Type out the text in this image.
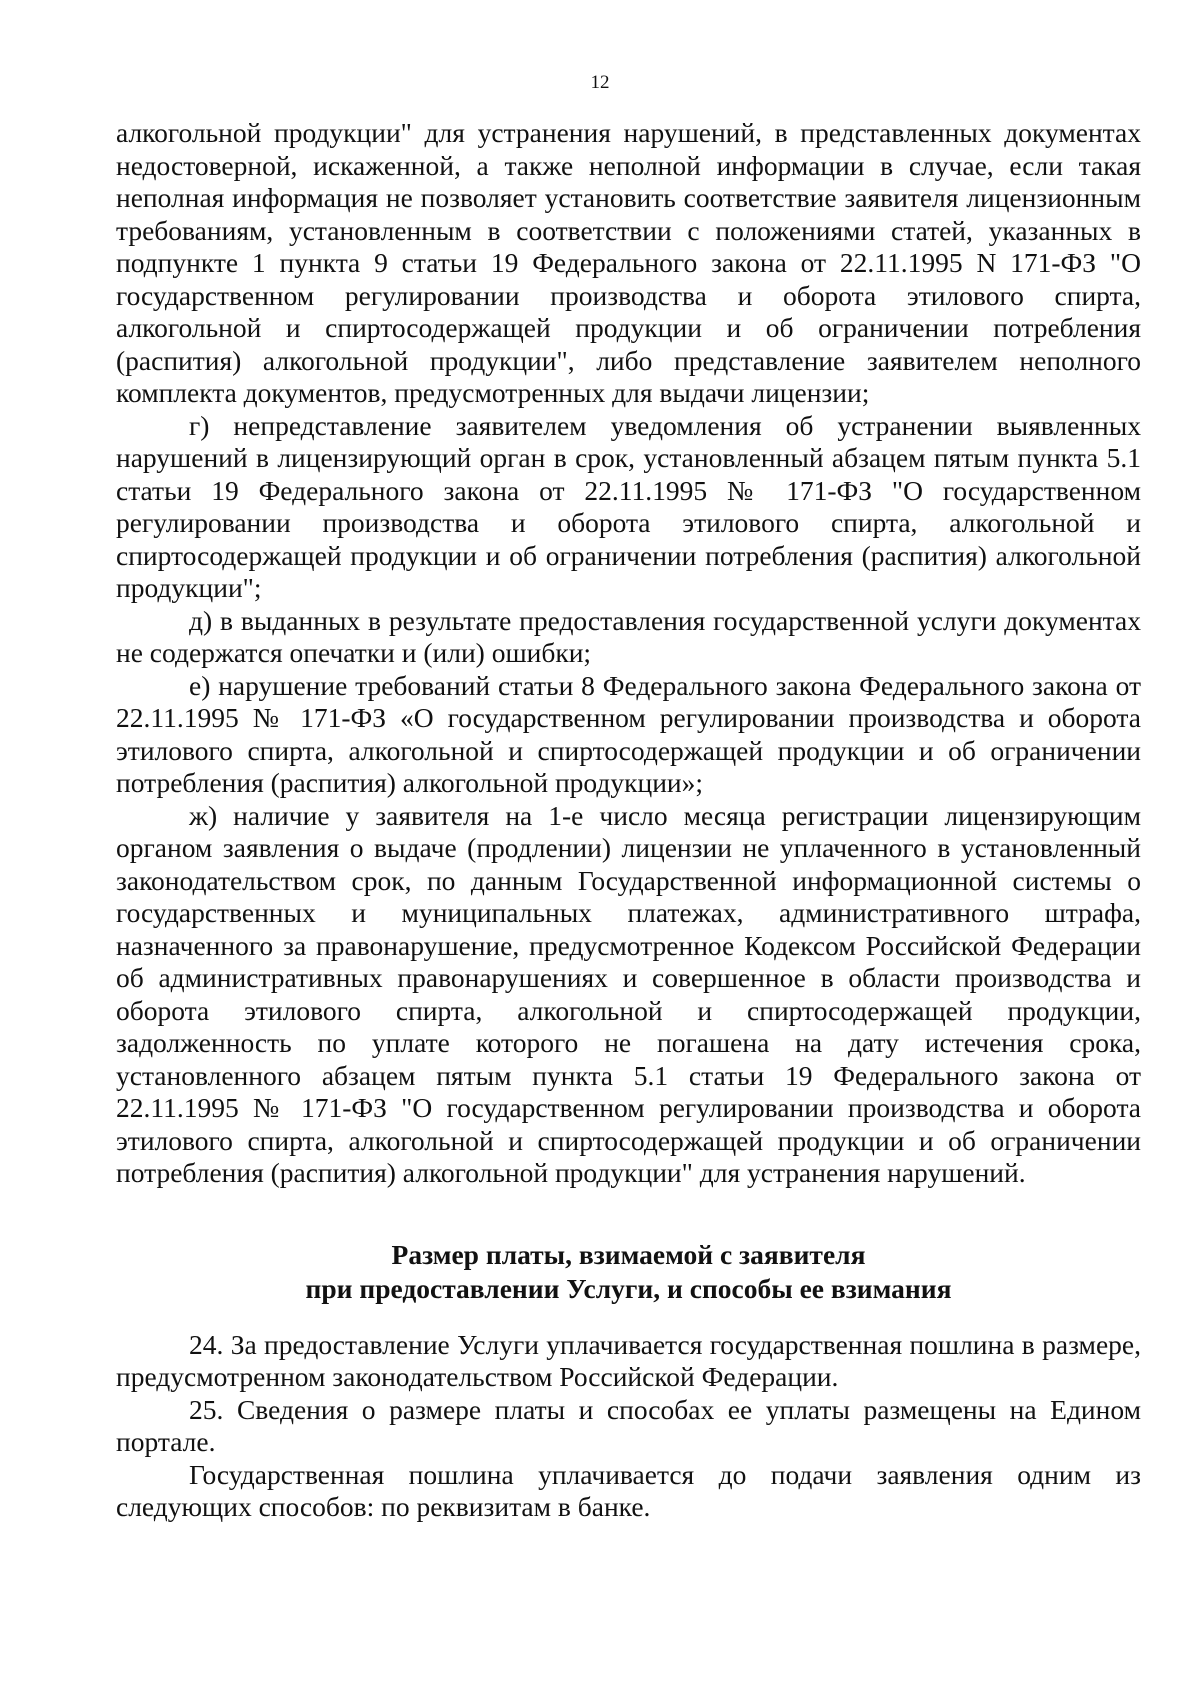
12

алкогольной продукции" для устранения нарушений, в представленных документах недостоверной, искаженной, а также неполной информации в случае, если такая неполная информация не позволяет установить соответствие заявителя лицензионным требованиям, установленным в соответствии с положениями статей, указанных в подпункте 1 пункта 9 статьи 19 Федерального закона от 22.11.1995 N 171-ФЗ "О государственном регулировании производства и оборота этилового спирта, алкогольной и спиртосодержащей продукции и об ограничении потребления (распития) алкогольной продукции", либо представление заявителем неполного комплекта документов, предусмотренных для выдачи лицензии;

г) непредставление заявителем уведомления об устранении выявленных нарушений в лицензирующий орган в срок, установленный абзацем пятым пункта 5.1 статьи 19 Федерального закона от 22.11.1995 № 171-ФЗ "О государственном регулировании производства и оборота этилового спирта, алкогольной и спиртосодержащей продукции и об ограничении потребления (распития) алкогольной продукции";

д) в выданных в результате предоставления государственной услуги документах не содержатся опечатки и (или) ошибки;

е) нарушение требований статьи 8 Федерального закона Федерального закона от 22.11.1995 № 171-ФЗ «О государственном регулировании производства и оборота этилового спирта, алкогольной и спиртосодержащей продукции и об ограничении потребления (распития) алкогольной продукции»;

ж) наличие у заявителя на 1-е число месяца регистрации лицензирующим органом заявления о выдаче (продлении) лицензии не уплаченного в установленный законодательством срок, по данным Государственной информационной системы о государственных и муниципальных платежах, административного штрафа, назначенного за правонарушение, предусмотренное Кодексом Российской Федерации об административных правонарушениях и совершенное в области производства и оборота этилового спирта, алкогольной и спиртосодержащей продукции, задолженность по уплате которого не погашена на дату истечения срока, установленного абзацем пятым пункта 5.1 статьи 19 Федерального закона от 22.11.1995 № 171-ФЗ "О государственном регулировании производства и оборота этилового спирта, алкогольной и спиртосодержащей продукции и об ограничении потребления (распития) алкогольной продукции" для устранения нарушений.

Размер платы, взимаемой с заявителя

при предоставлении Услуги, и способы ее взимания

24. За предоставление Услуги уплачивается государственная пошлина в размере, предусмотренном законодательством Российской Федерации.

25. Сведения о размере платы и способах ее уплаты размещены на Едином портале.

Государственная пошлина уплачивается до подачи заявления одним из следующих способов: по реквизитам в банке.
